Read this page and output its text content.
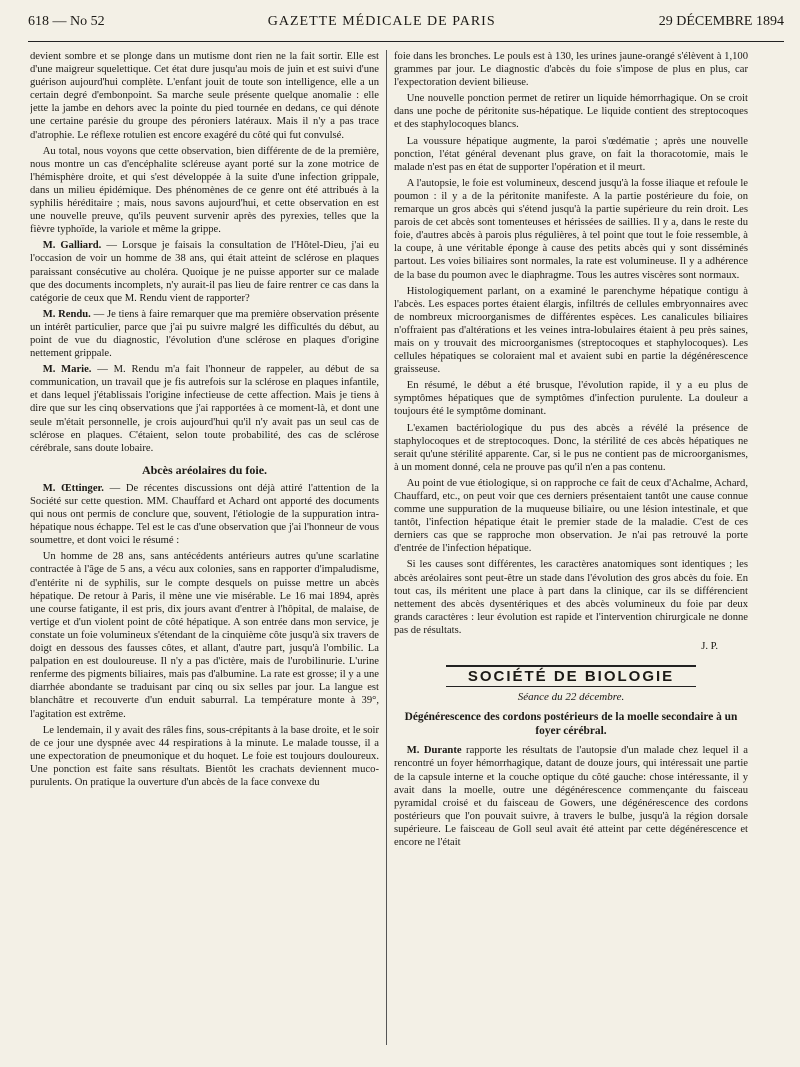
618 — No 52	GAZETTE MÉDICALE DE PARIS	29 DÉCEMBRE 1894

devient sombre et se plonge dans un mutisme dont rien ne la fait sortir. Elle est d'une maigreur squelettique. Cet état dure jusqu'au mois de juin et est suivi d'une guérison aujourd'hui complète. L'enfant jouit de toute son intelligence, elle a un certain degré d'embonpoint. Sa marche seule présente quelque anomalie : elle jette la jambe en dehors avec la pointe du pied tournée en dedans, ce qui dénote une certaine parésie du groupe des péroniers latéraux. Mais il n'y a pas trace d'atrophie. Le réflexe rotulien est encore exagéré du côté qui fut convulsé.

Au total, nous voyons que cette observation, bien différente de de la première, nous montre un cas d'encéphalite scléreuse ayant porté sur la zone motrice de l'hémisphère droite, et qui s'est développée à la suite d'une infection grippale, dans un milieu épidémique. Des phénomènes de ce genre ont été attribués à la syphilis héréditaire ; mais, nous savons aujourd'hui, et cette observation en est une nouvelle preuve, qu'ils peuvent survenir après des pyrexies, telles que la fièvre typhoïde, la variole et même la grippe.

M. Galliard. — Lorsque je faisais la consultation de l'Hôtel-Dieu, j'ai eu l'occasion de voir un homme de 38 ans, qui était atteint de sclérose en plaques paraissant consécutive au choléra. Quoique je ne puisse apporter sur ce malade que des documents incomplets, n'y aurait-il pas lieu de faire rentrer ce cas dans la catégorie de ceux que M. Rendu vient de rapporter?

M. Rendu. — Je tiens à faire remarquer que ma première observation présente un intérêt particulier, parce que j'ai pu suivre malgré les difficultés du début, au point de vue du diagnostic, l'évolution d'une sclérose en plaques d'origine nettement grippale.

M. Marie. — M. Rendu m'a fait l'honneur de rappeler, au début de sa communication, un travail que je fis autrefois sur la sclérose en plaques infantile, et dans lequel j'établissais l'origine infectieuse de cette affection. Mais je tiens à dire que sur les cinq observations que j'ai rapportées à ce moment-là, et dont une seule m'était personnelle, je crois aujourd'hui qu'il n'y avait pas un seul cas de sclérose en plaques. C'étaient, selon toute probabilité, des cas de sclérose cérébrale, sans doute lobaire.

Abcès aréolaires du foie.

M. Œttinger. — De récentes discussions ont déjà attiré l'attention de la Société sur cette question. MM. Chauffard et Achard ont apporté des documents qui nous ont permis de conclure que, souvent, l'étiologie de la suppuration intra-hépatique nous échappe. Tel est le cas d'une observation que j'ai l'honneur de vous soumettre, et dont voici le résumé :

Un homme de 28 ans, sans antécédents antérieurs autres qu'une scarlatine contractée à l'âge de 5 ans, a vécu aux colonies, sans en rapporter d'impaludisme, d'entérite ni de syphilis, sur le compte desquels on puisse mettre un abcès hépatique. De retour à Paris, il mène une vie misérable. Le 16 mai 1894, après une course fatigante, il est pris, dix jours avant d'entrer à l'hôpital, de malaise, de vertige et d'un violent point de côté hépatique. A son entrée dans mon service, je constate un foie volumineux s'étendant de la cinquième côte jusqu'à six travers de doigt en dessous des fausses côtes, et allant, d'autre part, jusqu'à l'ombilic. La palpation en est douloureuse. Il n'y a pas d'ictère, mais de l'urobilinurie. L'urine renferme des pigments biliaires, mais pas d'albumine. La rate est grosse; il y a une diarrhée abondante se traduisant par cinq ou six selles par jour. La langue est blanchâtre et recouverte d'un enduit saburral. La température monte à 39°, l'agitation est extrême.

Le lendemain, il y avait des râles fins, sous-crépitants à la base droite, et le soir de ce jour une dyspnée avec 44 respirations à la minute. Le malade tousse, il a une expectoration de pneumonique et du hoquet. Le foie est toujours douloureux. Une ponction est faite sans résultats. Bientôt les crachats deviennent muco-purulents. On pratique la ouverture d'un abcès de la face convexe du

foie dans les bronches. Le pouls est à 130, les urines jaune-orangé s'élèvent à 1,100 grammes par jour. Le diagnostic d'abcès du foie s'impose de plus en plus, car l'expectoration devient bilieuse.

Une nouvelle ponction permet de retirer un liquide hémorrhagique. On se croit dans une poche de péritonite sus-hépatique. Le liquide contient des streptocoques et des staphylocoques blancs.

La voussure hépatique augmente, la paroi s'œdématie ; après une nouvelle ponction, l'état général devenant plus grave, on fait la thoracotomie, mais le malade n'est pas en état de supporter l'opération et il meurt.

A l'autopsie, le foie est volumineux, descend jusqu'à la fosse iliaque et refoule le poumon : il y a de la péritonite manifeste. A la partie postérieure du foie, on remarque un gros abcès qui s'étend jusqu'à la partie supérieure du rein droit. Les parois de cet abcès sont tomenteuses et hérissées de saillies. Il y a, dans le reste du foie, d'autres abcès à parois plus régulières, à tel point que tout le foie ressemble, à la coupe, à une véritable éponge à cause des petits abcès qui y sont disséminés partout. Les voies biliaires sont normales, la rate est volumineuse. Il y a adhérence de la base du poumon avec le diaphragme. Tous les autres viscères sont normaux.

Histologiquement parlant, on a examiné le parenchyme hépatique contigu à l'abcès. Les espaces portes étaient élargis, infiltrés de cellules embryonnaires avec de nombreux microorganismes de différentes espèces. Les canalicules biliaires n'offraient pas d'altérations et les veines intra-lobulaires étaient à peu près saines, mais on y trouvait des microorganismes (streptocoques et staphylocoques). Les cellules hépatiques se coloraient mal et avaient subi en partie la dégénérescence graisseuse.

En résumé, le début a été brusque, l'évolution rapide, il y a eu plus de symptômes hépatiques que de symptômes d'infection purulente. La douleur a toujours été le symptôme dominant.

L'examen bactériologique du pus des abcès a révélé la présence de staphylocoques et de streptocoques. Donc, la stérilité de ces abcès hépatiques ne serait qu'une stérilité apparente. Car, si le pus ne contient pas de microorganismes, à un moment donné, cela ne prouve pas qu'il n'en a pas contenu.

Au point de vue étiologique, si on rapproche ce fait de ceux d'Achalme, Achard, Chauffard, etc., on peut voir que ces derniers présentaient tantôt une cause connue comme une suppuration de la muqueuse biliaire, ou une lésion intestinale, et que tantôt, l'infection hépatique était le premier stade de la maladie. C'est de ces derniers cas que se rapproche mon observation. Je n'ai pas retrouvé la porte d'entrée de l'infection hépatique.

Si les causes sont différentes, les caractères anatomiques sont identiques ; les abcès aréolaires sont peut-être un stade dans l'évolution des gros abcès du foie. En tout cas, ils méritent une place à part dans la clinique, car ils se différencient nettement des abcès dysentériques et des abcès volumineux du foie par deux grands caractères : leur évolution est rapide et l'intervention chirurgicale ne donne pas de résultats.

J. P.

SOCIÉTÉ DE BIOLOGIE
Séance du 22 décembre.
Dégénérescence des cordons postérieurs de la moelle secondaire à un foyer cérébral.

M. Durante rapporte les résultats de l'autopsie d'un malade chez lequel il a rencontré un foyer hémorrhagique, datant de douze jours, qui intéressait une partie de la capsule interne et la couche optique du côté gauche: chose intéressante, il y avait dans la moelle, outre une dégénérescence commençante du faisceau pyramidal croisé et du faisceau de Gowers, une dégénérescence des cordons postérieurs que l'on pouvait suivre, à travers le bulbe, jusqu'à la région dorsale supérieure. Le faisceau de Goll seul avait été atteint par cette dégénérescence et encore ne l'était
